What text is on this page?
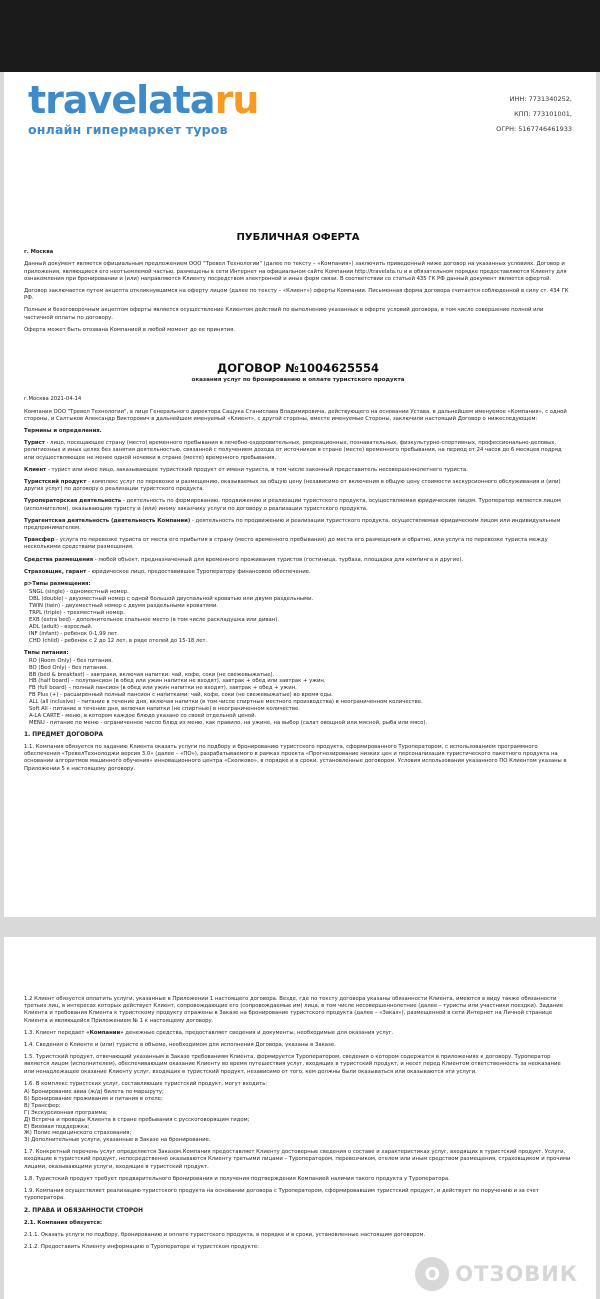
travelataru
онлайн гипермаркет туров
ИНН: 7731340252,
КПП: 773101001,
ОГРН: 5167746461933

ПУБЛИЧНАЯ ОФЕРТА

г. Москва

Данный документ является официальным предложением ООО "Тревел Технологии" (далее по тексту – «Компания») заключить приведенный ниже договор на указанных условиях. Договор и приложения, являющиеся его неотъемлемой частью, размещены в сети Интернет на официальном сайте Компании http://travelata.ru и в обязательном порядке предоставляются Клиенту для ознакомления при бронировании и (или) направляются Клиенту посредством электронной и иных форм связи. В соответствии со статьей 435 ГК РФ данный документ является офертой.

Договор заключается путем акцепта откликнувшимся на оферту лицом (далее по тексту – «Клиент») оферты Компании. Письменная форма договора считается соблюденной в силу ст. 434 ГК РФ.

Полным и безоговорочным акцептом оферты является осуществление Клиентом действий по выполнению указанных в оферте условий договора, в том числе совершение полной или частичной оплаты по договору.

Оферта может быть отозвана Компанией в любой момент до ее принятия.

ДОГОВОР №1004625554

оказания услуг по бронированию и оплате туристского продукта

г.Москва 2021-04-14

Компания ООО "Тревел Технологии", в лице Генерального директора Сащука Станислава Владимировича, действующего на основании Устава, в дальнейшем именуемое «Компания», с одной стороны, и Салтыков Александр Викторович в дальнейшем именуемый «Клиент», с другой стороны, вместе именуемые Стороны, заключили настоящий Договор о нижеследующем:

Термины и определения.

Турист - лицо, посещающее страну (место) временного пребывания в лечебно-оздоровительных, рекреационных, познавательных, физкультурно-спортивных, профессионально-деловых, религиозных и иных целях без занятия деятельностью, связанной с получением дохода от источников в стране (месте) временного пребывания, на период от 24 часов до 6 месяцев подряд или осуществляющее не менее одной ночевки в стране (месте) временного пребывания.

Клиент - турист или иное лицо, заказывающее туристский продукт от имени туриста, в том числе законный представитель несовершеннолетнего туриста.

Туристский продукт - комплекс услуг по перевозке и размещению, оказываемых за общую цену (независимо от включения в общую цену стоимости экскурсионного обслуживания и (или) других услуг) по договору о реализации туристского продукта.

Туроператорская деятельность - деятельность по формированию, продвижению и реализации туристского продукта, осуществляемая юридическим лицом. Туроператор является лицом (исполнителем), оказывающим туристу и (или) иному заказчику услуги по договору о реализации туристского продукта.

Турагентская деятельность (деятельность Компании) - деятельность по продвижению и реализации туристского продукта, осуществляемая юридическим лицом или индивидуальным предпринимателем.

Трансфер - услуга по перевозке туриста от места его прибытия в страну (место временного пребывания) до места его размещения и обратно, или услуга по перевозке туриста между несколькими средствами размещения.

Средства размещения - любой объект, предназначенный для временного проживания туристов (гостиница, турбаза, площадка для кемпинга и другие).

Страховщик, гарант - юридическое лицо, предоставившее Туроператору финансовое обеспечение.

p>Типы размещения:

SNGL (single) - одноместный номер.
DBL (double) - двухместный номер с одной большой двуспальной кроватью или двумя раздельными.
TWIN (twin) - двухместный номер с двумя раздельными кроватями.
TRPL (triple) - трехместный номер.
EXB (extra bed) - дополнительное спальное место (в том числе раскладушка или диван).
ADL (adult) - взрослый.
INF (infant) - ребенок 0-1,99 лет.
CHD (child) - ребенок с 2 до 12 лет, в ряде отелей до 15-18 лет.

Типы питания:

RO (Room Only) - без питания.
BO (Bed Only) - без питания.
BB (bed & breakfast) – завтраки, включая напитки: чай, кофе, соки (не свежевыжатые).
HB (half board) – полупансион (в обед или ужин напитки не входят), завтрак + обед или завтрак + ужин.
FB (full board) – полный пансион (в обед или ужин напитки не входят), завтрак + обед + ужин.
FB Plus (+) - расширенный полный пансион с напитками: чай, кофе, соки (не свежевыжатые) во время еды.
ALL (all inclusive) – питание в течение дня, включая напитки (в том числе спиртные местного производства) в неограниченном количестве.
Soft All - питание в течение дня, включая напитки (не спиртные) в неограниченном количестве.
A-LA CARTE - меню, в котором каждое блюдо указано со своей отдельной ценой.
MENU - питание по меню - ограниченное число блюд из меню, как правило, на ужине, на выбор (салат овощной или мясной, рыба или мясо).

1. ПРЕДМЕТ ДОГОВОРА

1.1. Компания обязуется по заданию Клиента оказать услуги по подбору и бронированию туристского продукта, сформированного Туроператором, с использованием программного обеспечения «ТревелТехнолоджи версия 3.0» (далее – «ПО»), разрабатываемого в рамках проекта «Прогнозирование низких цен и персонализация туристического пакетного продукта на основании алгоритмов машинного обучения» инновационного центра «Сколково», в порядке и в сроки, установленные договором. Условия использования указанного ПО Клиентом указаны в Приложении 5 к настоящему договору.

1.2 Клиент обязуется оплатить услуги, указанные в Приложении 1 настоящего договора. Везде, где по тексту договора указаны обязанности Клиента, имеются в виду также обязанности третьих лиц, в интересах которых действует Клиент, сопровождающие его (сопровождаемые им) лица, в том числе несовершеннолетние (далее – туристы или участники поездки). Задание Клиента и требования Клиента к туристскому продукту отражены в Заказе на бронирование туристского продукта (далее – «Заказ»), размещенной в сети Интернет на Личной странице Клиента и являющейся Приложением № 1 к настоящему договору.

1.3. Клиент передает «Компании» денежные средства, предоставляет сведения и документы, необходимые для оказания услуг.

1.4. Сведения о Клиенте и (или) туристе в объеме, необходимом для исполнения Договора, указаны в Заказе.

1.5. Туристский продукт, отвечающий указанным в Заказе требованиям Клиента, формируется Туроператором, сведения о котором содержатся в приложениях к договору. Туроператор является лицом (исполнителем), обеспечивающим оказание Клиенту во время путешествия услуг, входящих в туристский продукт, и несет перед Клиентом ответственность за неоказание или ненадлежащее оказание Клиенту услуг, входящих в туристский продукт, независимо от того, кем должны были оказываться или оказываются эти услуги.

1.6. В комплекс туристских услуг, составляющих туристский продукт, могут входить:

А) Бронирование авиа (ж/д) билета по маршруту;
Б) Бронирование проживания и питания в отеле;
В) Трансфер;
Г) Экскурсионная программа;
Д) Встреча и проводы Клиента в стране пребывания с русскоговорящим гидом;
Е) Визовая поддержка;
Ж) Полис медицинского страхования;
З) Дополнительные услуги, указанные в Заказе на бронирование.

1.7. Конкретный перечень услуг определяется Заказом.Компания предоставляет Клиенту достоверные сведения о составе и характеристиках услуг, входящих в туристский продукт. Услуги, входящие в туристский продукт, непосредственно оказываются Клиенту третьими лицами – Туроператором, перевозчиком, отелем или иным средством размещения, страховщиком и прочими лицами, оказывающими услуги, входящие в туристский продукт.

1.8. Туристский продукт требует предварительного бронирования и получения подтверждения Компанией наличия такого продукта у Туроператора.

1.9. Компания осуществляет реализацию туристского продукта на основании договора с Туроператором, сформировавшим туристский продукт, и действует по поручению и за счет туроператора.

2. ПРАВА И ОБЯЗАННОСТИ СТОРОН

2.1. Компания обязуется:

2.1.1. Оказать услуги по подбору, бронированию и оплате туристского продукта, в порядке и в сроки, установленные настоящим договором.

2.1.2. Предоставить Клиенту информацию о Туроператоре и туристском продукте:

O ОТЗОВИК
